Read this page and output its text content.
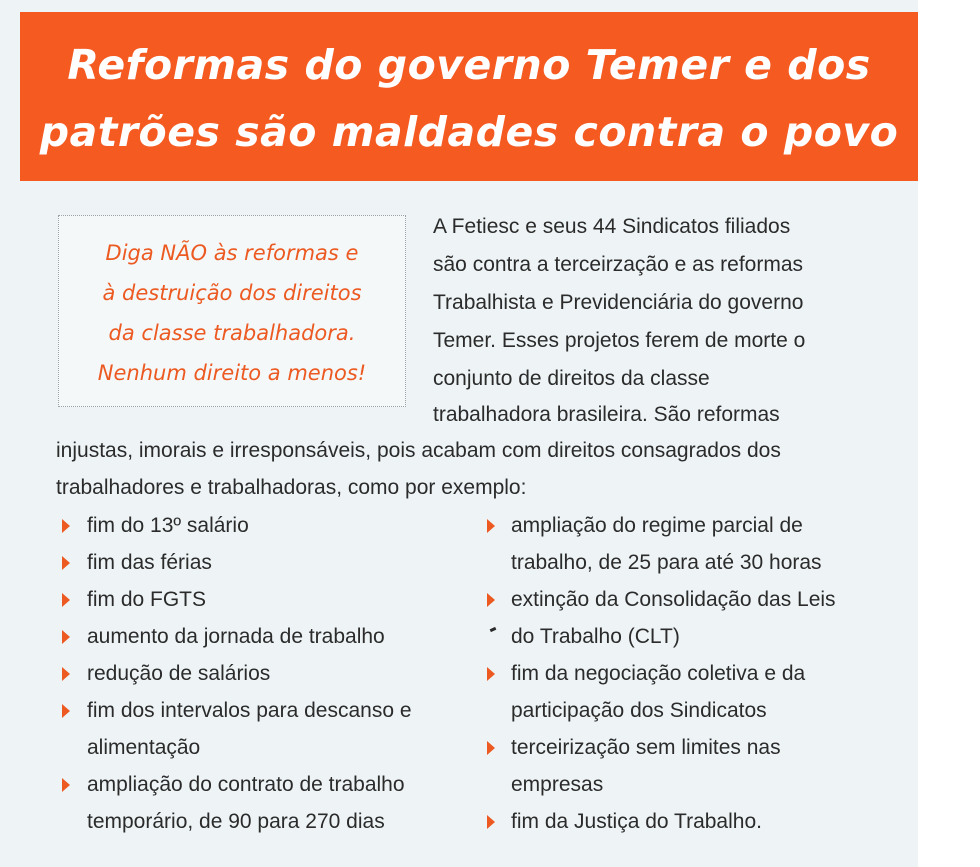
Reformas do governo Temer e dos
patrões são maldades contra o povo
Diga NÃO às reformas e
à destruição dos direitos
da classe trabalhadora.
Nenhum direito a menos!
A Fetiesc e seus 44 Sindicatos filiados
são contra a terceirzação e as reformas
Trabalhista e Previdenciária do governo
Temer. Esses projetos ferem de morte o
conjunto de direitos da classe
trabalhadora brasileira. São reformas
injustas, imorais e irresponsáveis, pois acabam com direitos consagrados dos
trabalhadores e trabalhadoras, como por exemplo:
fim do 13º salário
fim das férias
fim do FGTS
aumento da jornada de trabalho
redução de salários
fim dos intervalos para descanso e
alimentação
ampliação do contrato de trabalho
temporário, de 90 para 270 dias
ampliação do regime parcial de
trabalho, de 25 para até 30 horas
extinção da Consolidação das Leis
do Trabalho (CLT)
fim da negociação coletiva e da
participação dos Sindicatos
terceirização sem limites nas
empresas
fim da Justiça do Trabalho.
